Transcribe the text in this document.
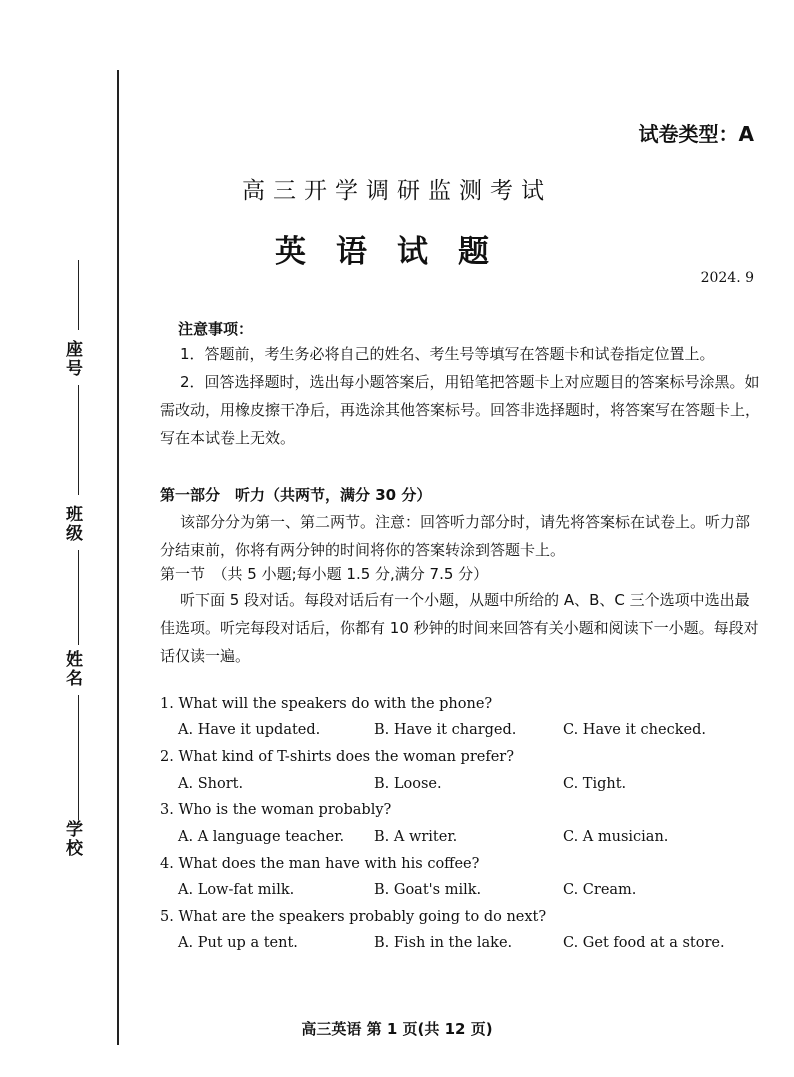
座号
班级
姓名
学校
试卷类型：A
高三开学调研监测考试
英语试题
2024. 9
注意事项：
1．答题前，考生务必将自己的姓名、考生号等填写在答题卡和试卷指定位置上。
2．回答选择题时，选出每小题答案后，用铅笔把答题卡上对应题目的答案标号涂黑。如需改动，用橡皮擦干净后，再选涂其他答案标号。回答非选择题时，将答案写在答题卡上，写在本试卷上无效。
第一部分　听力（共两节，满分 30 分）
该部分分为第一、第二两节。注意：回答听力部分时，请先将答案标在试卷上。听力部分结束前，你将有两分钟的时间将你的答案转涂到答题卡上。
第一节　（共 5 小题;每小题 1.5 分,满分 7.5 分）
听下面 5 段对话。每段对话后有一个小题，从题中所给的 A、B、C 三个选项中选出最佳选项。听完每段对话后，你都有 10 秒钟的时间来回答有关小题和阅读下一小题。每段对话仅读一遍。
1. What will the speakers do with the phone?
A. Have it updated.	B. Have it charged.	C. Have it checked.
2. What kind of T-shirts does the woman prefer?
A. Short.	B. Loose.	C. Tight.
3. Who is the woman probably?
A. A language teacher. B. A writer.	C. A musician.
4. What does the man have with his coffee?
A. Low-fat milk.	B. Goat's milk.	C. Cream.
5. What are the speakers probably going to do next?
A. Put up a tent.	B. Fish in the lake.	C. Get food at a store.
高三英语 第 1 页(共 12 页)
